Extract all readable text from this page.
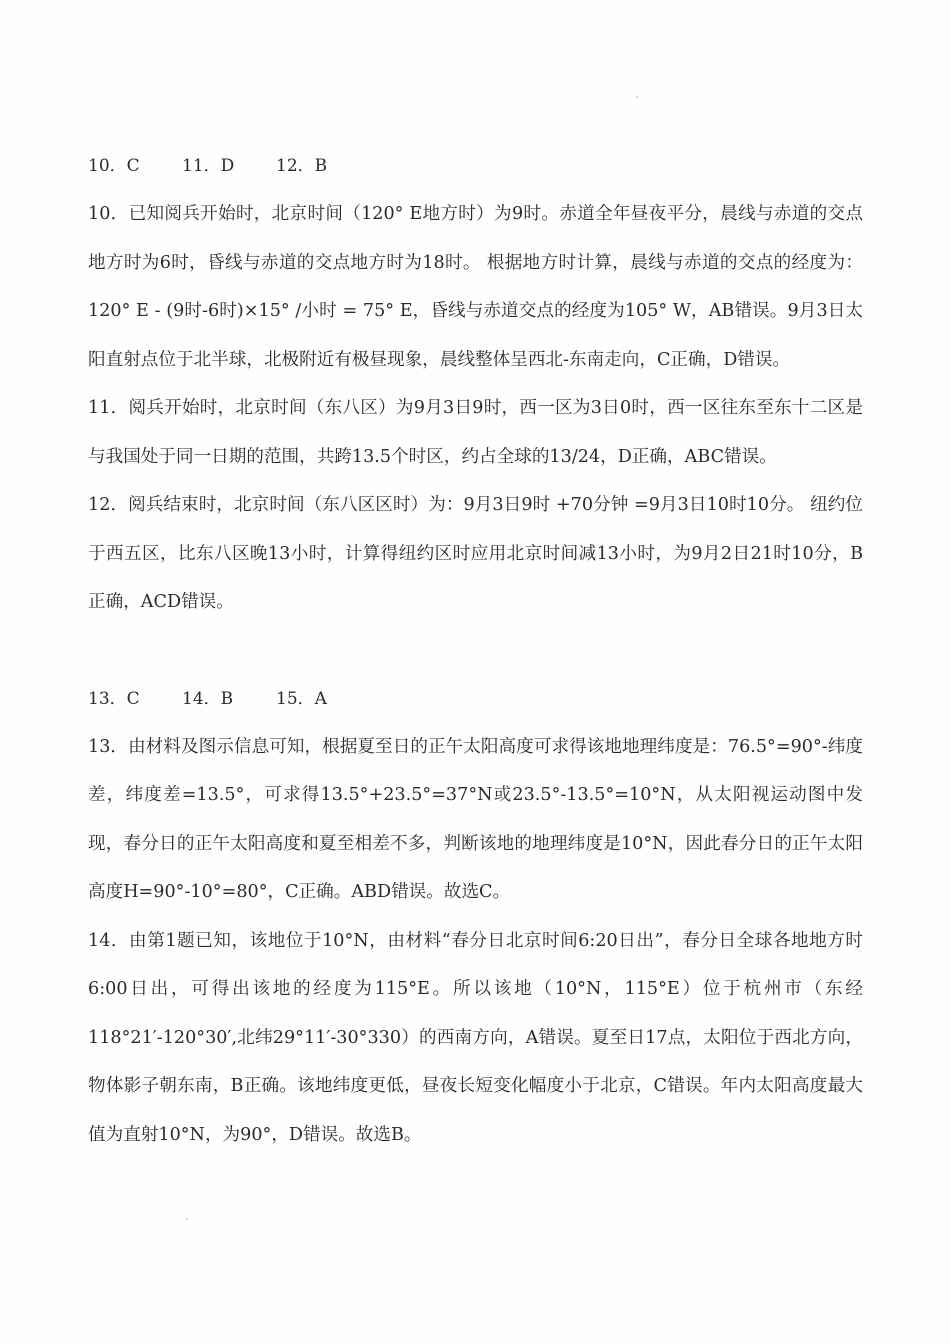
10．C 11．D 12．B

10．已知阅兵开始时，北京时间（120° E地方时）为9时。赤道全年昼夜平分，晨线与赤道的交点地方时为6时，昏线与赤道的交点地方时为18时。 根据地方时计算，晨线与赤道的交点的经度为：120° E - (9时-6时)×15° /小时 = 75° E，昏线与赤道交点的经度为105° W，AB错误。9月3日太阳直射点位于北半球，北极附近有极昼现象，晨线整体呈西北-东南走向，C正确，D错误。

11．阅兵开始时，北京时间（东八区）为9月3日9时，西一区为3日0时，西一区往东至东十二区是与我国处于同一日期的范围，共跨13.5个时区，约占全球的13/24，D正确，ABC错误。

12．阅兵结束时，北京时间（东八区区时）为：9月3日9时 +70分钟 =9月3日10时10分。 纽约位于西五区，比东八区晚13小时，计算得纽约区时应用北京时间减13小时，为9月2日21时10分，B正确，ACD错误。

13．C 14．B	15．A

13．由材料及图示信息可知，根据夏至日的正午太阳高度可求得该地地理纬度是：76.5°=90°-纬度差，纬度差=13.5°，可求得13.5°+23.5°=37°N或23.5°-13.5°=10°N，从太阳视运动图中发现，春分日的正午太阳高度和夏至相差不多，判断该地的地理纬度是10°N，因此春分日的正午太阳高度H=90°-10°=80°，C正确。ABD错误。故选C。

14．由第1题已知，该地位于10°N，由材料“春分日北京时间6:20日出”，春分日全球各地地方时6:00日出，可得出该地的经度为115°E。所以该地（10°N，115°E）位于杭州市（东经118°21′-120°30′,北纬29°11′-30°330）的西南方向，A错误。夏至日17点，太阳位于西北方向，物体影子朝东南，B正确。该地纬度更低，昼夜长短变化幅度小于北京，C错误。年内太阳高度最大值为直射10°N，为90°，D错误。故选B。
